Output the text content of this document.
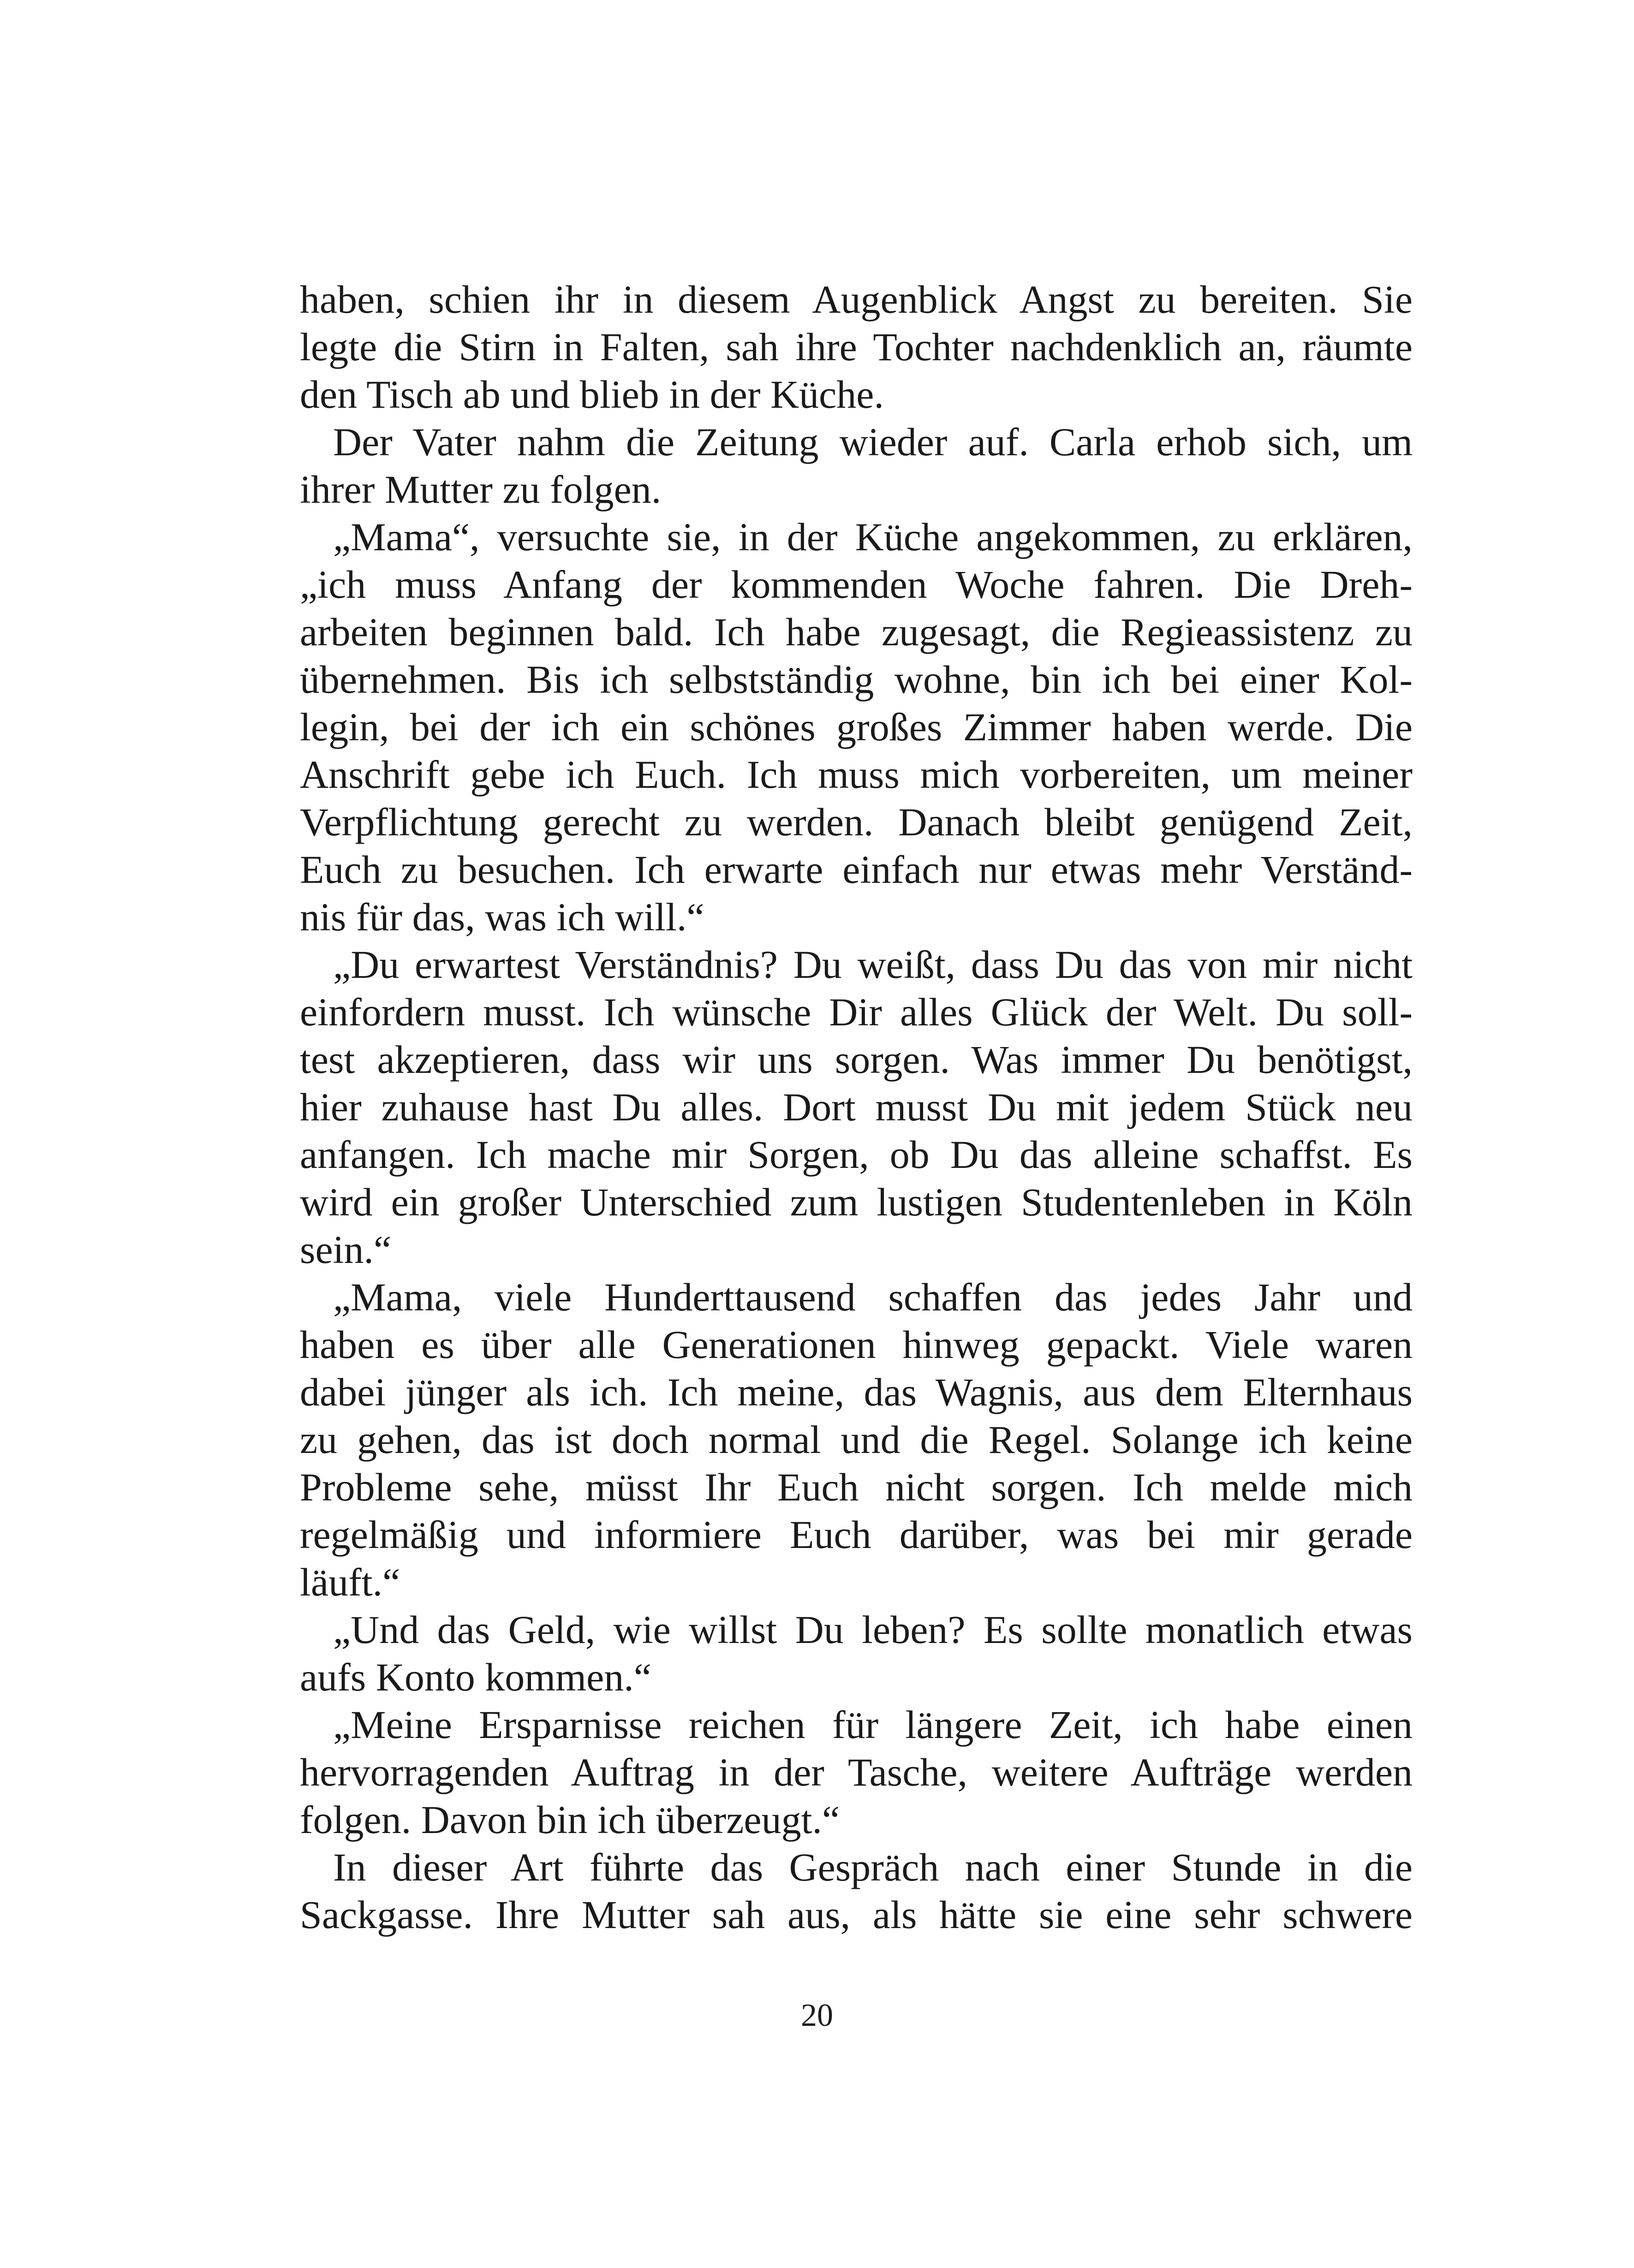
haben, schien ihr in diesem Augenblick Angst zu bereiten. Sie
legte die Stirn in Falten, sah ihre Tochter nachdenklich an, räumte
den Tisch ab und blieb in der Küche.
Der Vater nahm die Zeitung wieder auf. Carla erhob sich, um
ihrer Mutter zu folgen.
„Mama“, versuchte sie, in der Küche angekommen, zu erklären,
„ich muss Anfang der kommenden Woche fahren. Die Dreh-
arbeiten beginnen bald. Ich habe zugesagt, die Regieassistenz zu
übernehmen. Bis ich selbstständig wohne, bin ich bei einer Kol-
legin, bei der ich ein schönes großes Zimmer haben werde. Die
Anschrift gebe ich Euch. Ich muss mich vorbereiten, um meiner
Verpflichtung gerecht zu werden. Danach bleibt genügend Zeit,
Euch zu besuchen. Ich erwarte einfach nur etwas mehr Verständ-
nis für das, was ich will.“
„Du erwartest Verständnis? Du weißt, dass Du das von mir nicht
einfordern musst. Ich wünsche Dir alles Glück der Welt. Du soll-
test akzeptieren, dass wir uns sorgen. Was immer Du benötigst,
hier zuhause hast Du alles. Dort musst Du mit jedem Stück neu
anfangen. Ich mache mir Sorgen, ob Du das alleine schaffst. Es
wird ein großer Unterschied zum lustigen Studentenleben in Köln
sein.“
„Mama, viele Hunderttausend schaffen das jedes Jahr und
haben es über alle Generationen hinweg gepackt. Viele waren
dabei jünger als ich. Ich meine, das Wagnis, aus dem Elternhaus
zu gehen, das ist doch normal und die Regel. Solange ich keine
Probleme sehe, müsst Ihr Euch nicht sorgen. Ich melde mich
regelmäßig und informiere Euch darüber, was bei mir gerade
läuft.“
„Und das Geld, wie willst Du leben? Es sollte monatlich etwas
aufs Konto kommen.“
„Meine Ersparnisse reichen für längere Zeit, ich habe einen
hervorragenden Auftrag in der Tasche, weitere Aufträge werden
folgen. Davon bin ich überzeugt.“
In dieser Art führte das Gespräch nach einer Stunde in die
Sackgasse. Ihre Mutter sah aus, als hätte sie eine sehr schwere
20
